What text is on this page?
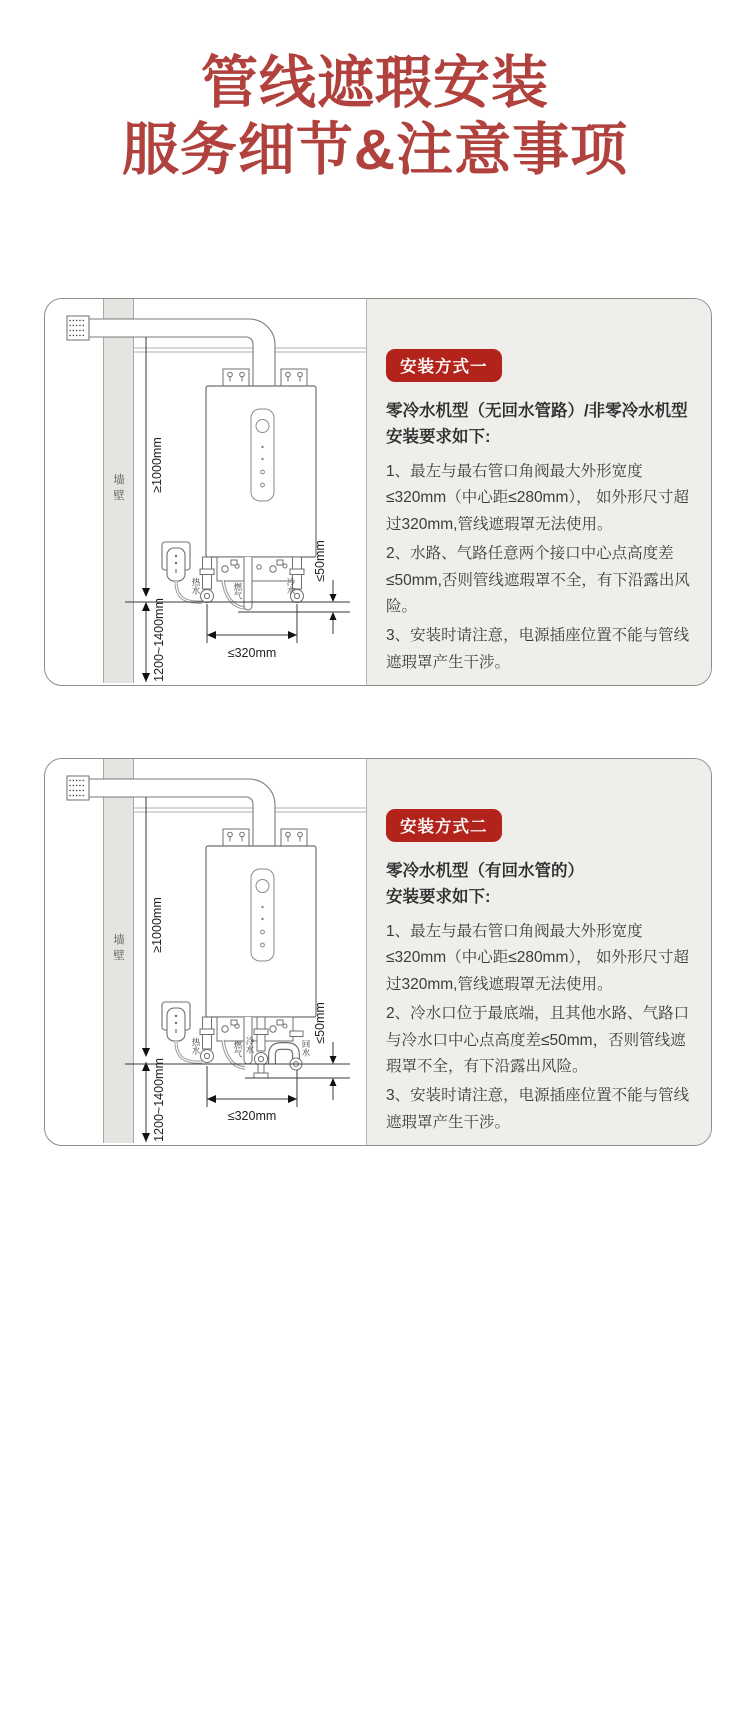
管线遮瑕安装
服务细节&注意事项
墙壁 ≥1000mm
1200~1400mm
≤50mm
≤320mm
热水	燃气	冷水
安装方式一
零冷水机型（无回水管路）/非零冷水机型
安装要求如下:

1、最左与最右管口角阀最大外形宽度≤320mm（中心距≤280mm）， 如外形尺寸超过320mm,管线遮瑕罩无法使用。

2、水路、气路任意两个接口中心点高度差≤50mm,否则管线遮瑕罩不全，有下沿露出风险。

3、安装时请注意，电源插座位置不能与管线遮瑕罩产生干涉。

墙壁 ≥1000mm
1200~1400mm
≤50mm
≤320mm
热水	燃气 冷水	回水
安装方式二
零冷水机型（有回水管的）
安装要求如下:

1、最左与最右管口角阀最大外形宽度≤320mm（中心距≤280mm）， 如外形尺寸超过320mm,管线遮瑕罩无法使用。

2、冷水口位于最底端，且其他水路、气路口与冷水口中心点高度差≤50mm，否则管线遮瑕罩不全，有下沿露出风险。

3、安装时请注意，电源插座位置不能与管线遮瑕罩产生干涉。
